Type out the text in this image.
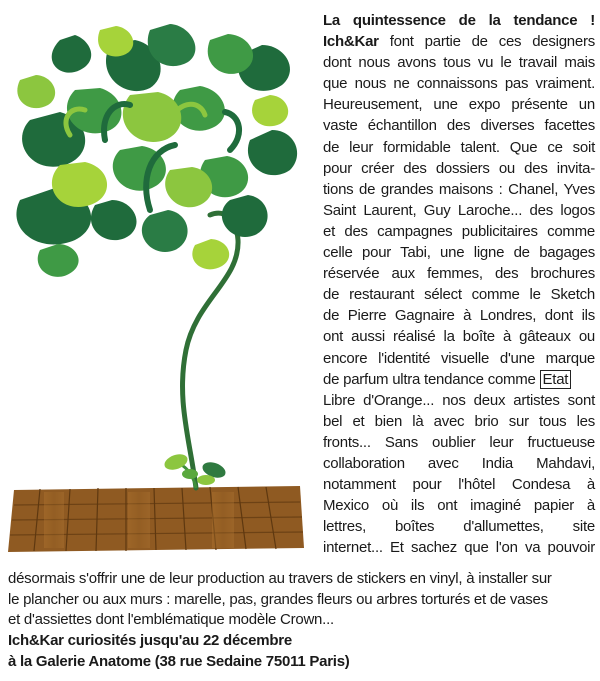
La quintessence de la tendance !
Ich&Kar font partie de ces designers
dont nous avons tous vu le travail mais
que nous ne connaissons pas vraiment.
Heureusement, une expo présente un
vaste échantillon des diverses facettes
de leur formidable talent. Que ce soit
pour créer des dossiers ou des invita-
tions de grandes maisons : Chanel, Yves
Saint Laurent, Guy Laroche... des logos
et des campagnes publicitaires comme
celle pour Tabi, une ligne de bagages
réservée aux femmes, des brochures
de restaurant sélect comme le Sketch
de Pierre Gagnaire à Londres, dont ils
ont aussi réalisé la boîte à gâteaux ou
encore l'identité visuelle d'une marque
de parfum ultra tendance comme Etat
Libre d'Orange... nos deux artistes sont
bel et bien là avec brio sur tous les
fronts... Sans oublier leur fructueuse
collaboration avec India Mahdavi,
notamment pour l'hôtel Condesa à
Mexico où ils ont imaginé papier à
lettres, boîtes d'allumettes, site
internet... Et sachez que l'on va pouvoir
désormais s'offrir une de leur production au travers de stickers en vinyl, à installer sur
le plancher ou aux murs : marelle, pas, grandes fleurs ou arbres torturés et de vases
et d'assiettes dont l'emblématique modèle Crown...
Ich&Kar curiosités jusqu'au 22 décembre
à la Galerie Anatome (38 rue Sedaine 75011 Paris)
